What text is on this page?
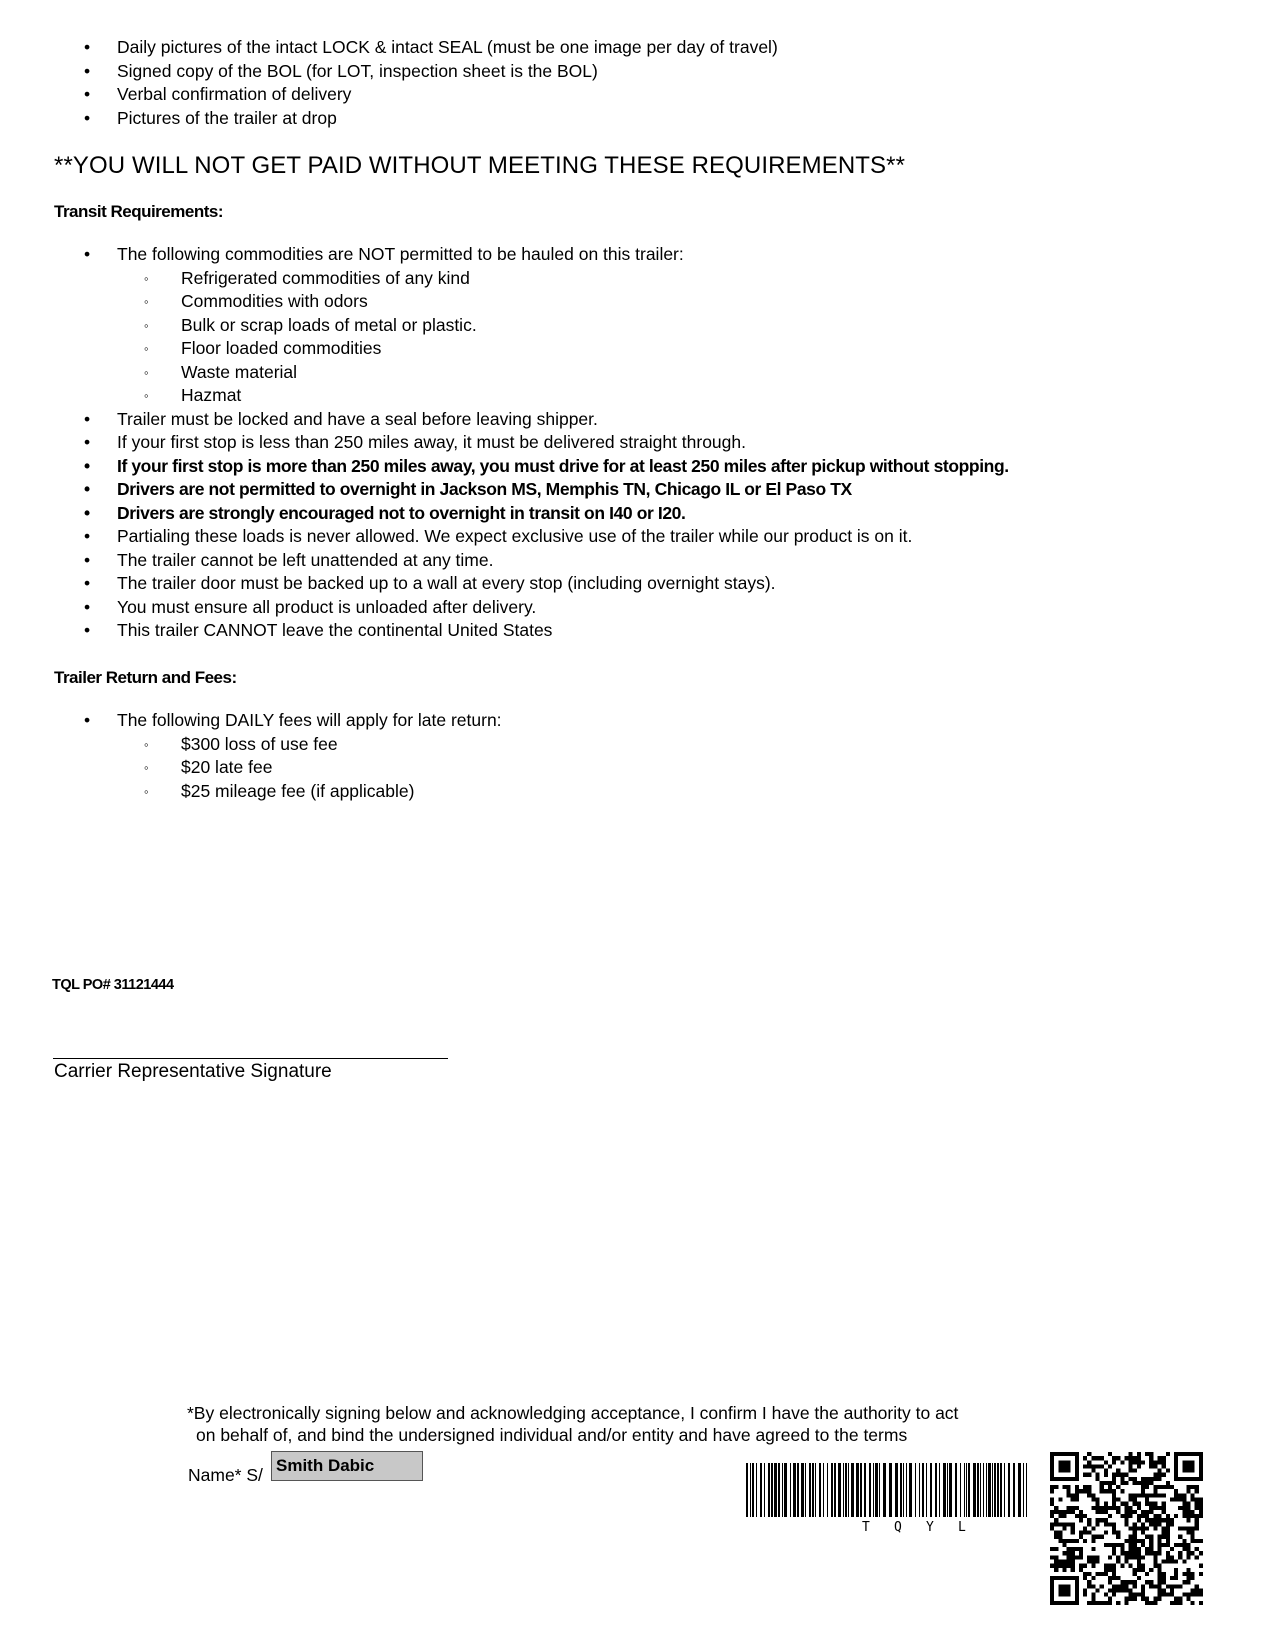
• Daily pictures of the intact LOCK & intact SEAL (must be one image per day of travel)
• Signed copy of the BOL (for LOT, inspection sheet is the BOL)
• Verbal confirmation of delivery
• Pictures of the trailer at drop
**YOU WILL NOT GET PAID WITHOUT MEETING THESE REQUIREMENTS**
Transit Requirements:
• The following commodities are NOT permitted to be hauled on this trailer:
◦ Refrigerated commodities of any kind
◦ Commodities with odors
◦ Bulk or scrap loads of metal or plastic.
◦ Floor loaded commodities
◦ Waste material
◦ Hazmat
• Trailer must be locked and have a seal before leaving shipper.
• If your first stop is less than 250 miles away, it must be delivered straight through.
• If your first stop is more than 250 miles away, you must drive for at least 250 miles after pickup without stopping.
• Drivers are not permitted to overnight in Jackson MS, Memphis TN, Chicago IL or El Paso TX
• Drivers are strongly encouraged not to overnight in transit on I40 or I20.
• Partialing these loads is never allowed. We expect exclusive use of the trailer while our product is on it.
• The trailer cannot be left unattended at any time.
• The trailer door must be backed up to a wall at every stop (including overnight stays).
• You must ensure all product is unloaded after delivery.
• This trailer CANNOT leave the continental United States
Trailer Return and Fees:
• The following DAILY fees will apply for late return:
◦ $300 loss of use fee
◦ $20 late fee
◦ $25 mileage fee (if applicable)
TQL PO# 31121444
Carrier Representative Signature
*By electronically signing below and acknowledging acceptance, I confirm I have the authority to act
on behalf of, and bind the undersigned individual and/or entity and have agreed to the terms
Name* S/ Smith Dabic
T Q Y L
